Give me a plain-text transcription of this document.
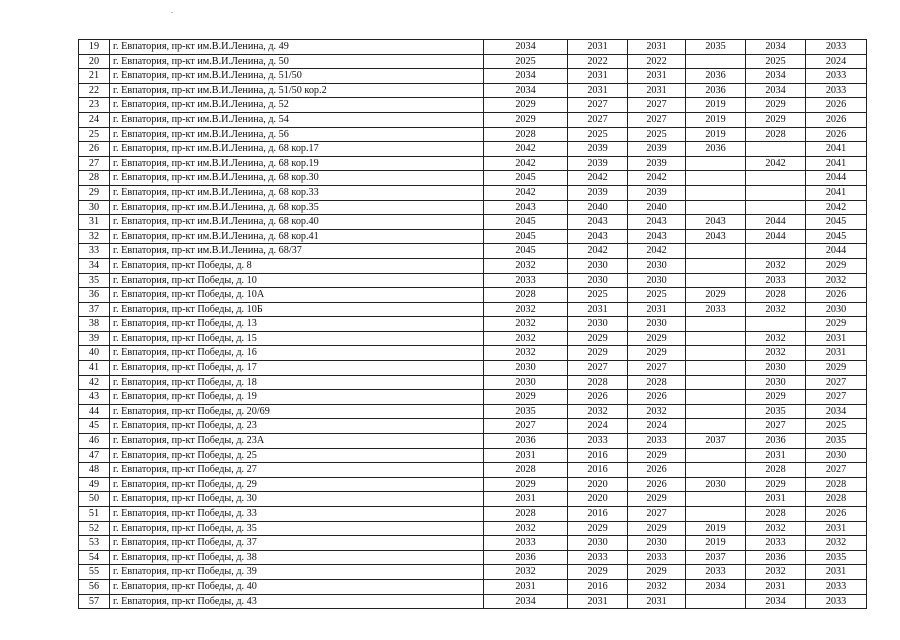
19	г. Евпатория, пр-кт им.В.И.Ленина, д. 49	2034	2031	2031	2035	2034	2033
20	г. Евпатория, пр-кт им.В.И.Ленина, д. 50	2025	2022	2022		2025	2024
21	г. Евпатория, пр-кт им.В.И.Ленина, д. 51/50	2034	2031	2031	2036	2034	2033
22	г. Евпатория, пр-кт им.В.И.Ленина, д. 51/50 кор.2	2034	2031	2031	2036	2034	2033
23	г. Евпатория, пр-кт им.В.И.Ленина, д. 52	2029	2027	2027	2019	2029	2026
24	г. Евпатория, пр-кт им.В.И.Ленина, д. 54	2029	2027	2027	2019	2029	2026
25	г. Евпатория, пр-кт им.В.И.Ленина, д. 56	2028	2025	2025	2019	2028	2026
26	г. Евпатория, пр-кт им.В.И.Ленина, д. 68 кор.17	2042	2039	2039	2036		2041
27	г. Евпатория, пр-кт им.В.И.Ленина, д. 68 кор.19	2042	2039	2039		2042	2041
28	г. Евпатория, пр-кт им.В.И.Ленина, д. 68 кор.30	2045	2042	2042			2044
29	г. Евпатория, пр-кт им.В.И.Ленина, д. 68 кор.33	2042	2039	2039			2041
30	г. Евпатория, пр-кт им.В.И.Ленина, д. 68 кор.35	2043	2040	2040			2042
31	г. Евпатория, пр-кт им.В.И.Ленина, д. 68 кор.40	2045	2043	2043	2043	2044	2045
32	г. Евпатория, пр-кт им.В.И.Ленина, д. 68 кор.41	2045	2043	2043	2043	2044	2045
33	г. Евпатория, пр-кт им.В.И.Ленина, д. 68/37	2045	2042	2042			2044
34	г. Евпатория, пр-кт Победы, д. 8	2032	2030	2030		2032	2029
35	г. Евпатория, пр-кт Победы, д. 10	2033	2030	2030		2033	2032
36	г. Евпатория, пр-кт Победы, д. 10А	2028	2025	2025	2029	2028	2026
37	г. Евпатория, пр-кт Победы, д. 10Б	2032	2031	2031	2033	2032	2030
38	г. Евпатория, пр-кт Победы, д. 13	2032	2030	2030			2029
39	г. Евпатория, пр-кт Победы, д. 15	2032	2029	2029		2032	2031
40	г. Евпатория, пр-кт Победы, д. 16	2032	2029	2029		2032	2031
41	г. Евпатория, пр-кт Победы, д. 17	2030	2027	2027		2030	2029
42	г. Евпатория, пр-кт Победы, д. 18	2030	2028	2028		2030	2027
43	г. Евпатория, пр-кт Победы, д. 19	2029	2026	2026		2029	2027
44	г. Евпатория, пр-кт Победы, д. 20/69	2035	2032	2032		2035	2034
45	г. Евпатория, пр-кт Победы, д. 23	2027	2024	2024		2027	2025
46	г. Евпатория, пр-кт Победы, д. 23А	2036	2033	2033	2037	2036	2035
47	г. Евпатория, пр-кт Победы, д. 25	2031	2016	2029		2031	2030
48	г. Евпатория, пр-кт Победы, д. 27	2028	2016	2026		2028	2027
49	г. Евпатория, пр-кт Победы, д. 29	2029	2020	2026	2030	2029	2028
50	г. Евпатория, пр-кт Победы, д. 30	2031	2020	2029		2031	2028
51	г. Евпатория, пр-кт Победы, д. 33	2028	2016	2027		2028	2026
52	г. Евпатория, пр-кт Победы, д. 35	2032	2029	2029	2019	2032	2031
53	г. Евпатория, пр-кт Победы, д. 37	2033	2030	2030	2019	2033	2032
54	г. Евпатория, пр-кт Победы, д. 38	2036	2033	2033	2037	2036	2035
55	г. Евпатория, пр-кт Победы, д. 39	2032	2029	2029	2033	2032	2031
56	г. Евпатория, пр-кт Победы, д. 40	2031	2016	2032	2034	2031	2033
57	г. Евпатория, пр-кт Победы, д. 43	2034	2031	2031		2034	2033
